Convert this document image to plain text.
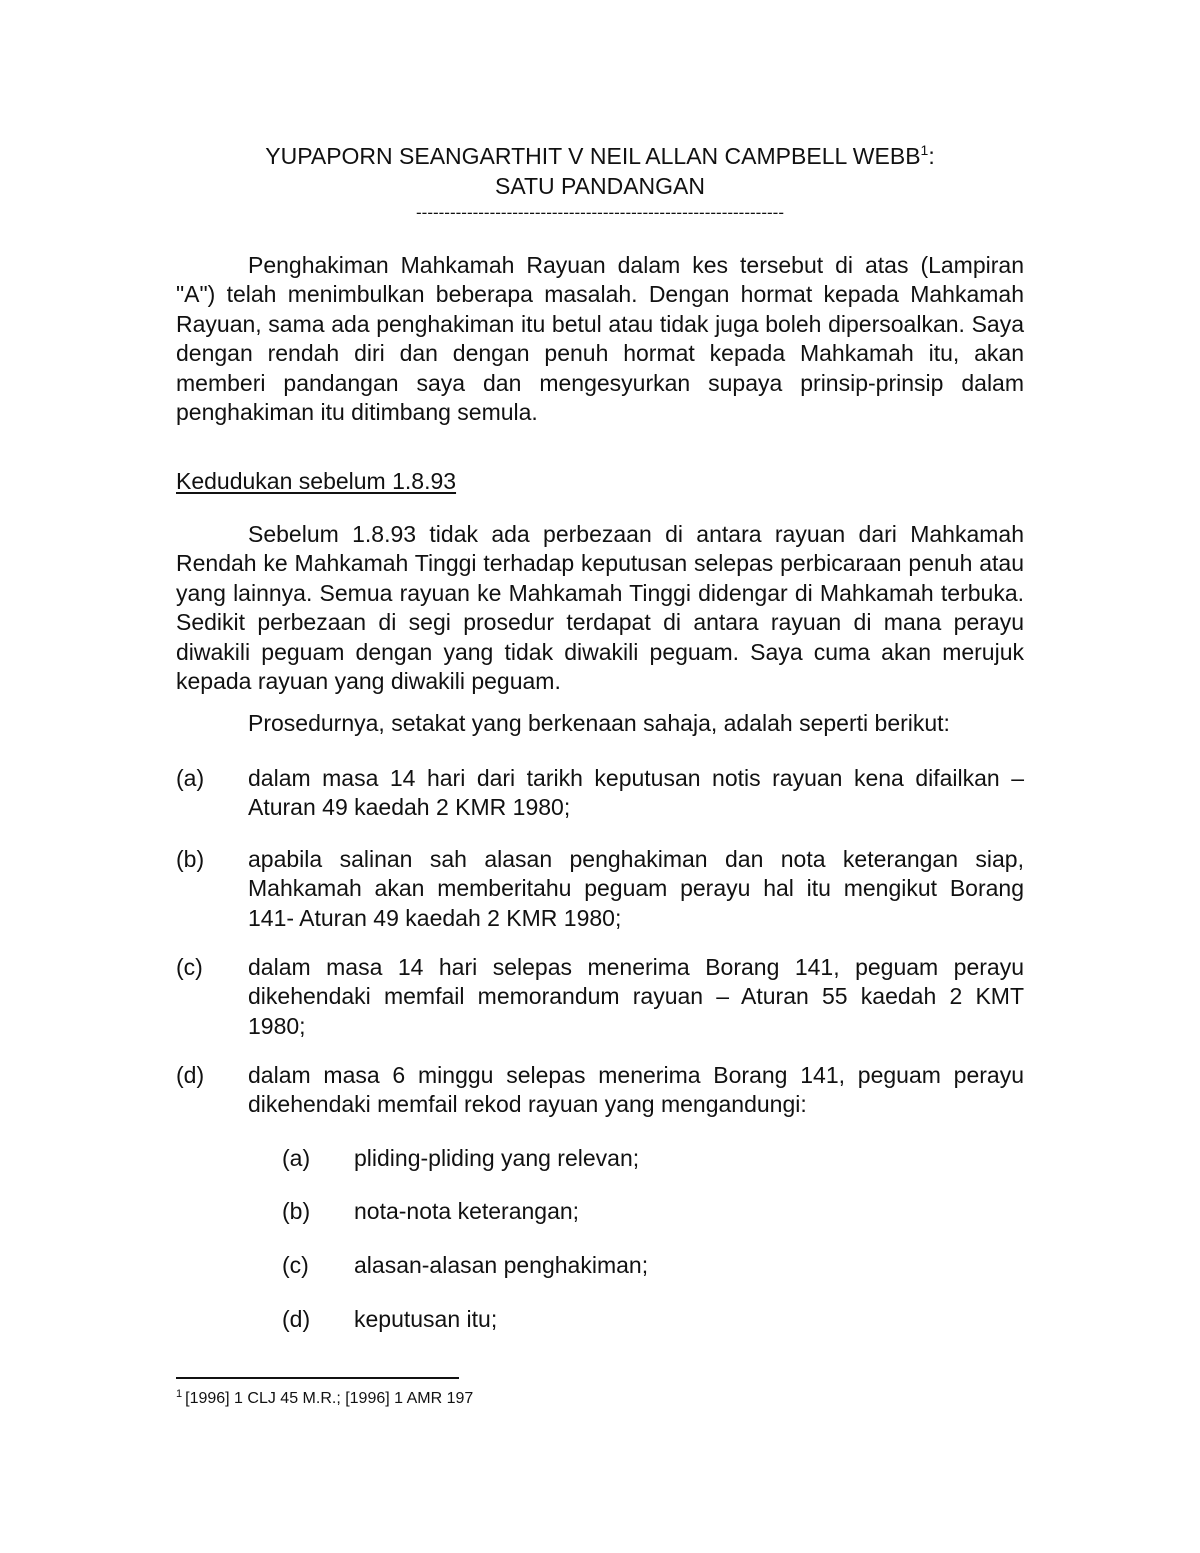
YUPAPORN SEANGARTHIT V NEIL ALLAN CAMPBELL WEBB$^1$:
SATU PANDANGAN
-----------------------------------------------------------------
Penghakiman Mahkamah Rayuan dalam kes tersebut di atas (Lampiran "A") telah menimbulkan beberapa masalah. Dengan hormat kepada Mahkamah Rayuan, sama ada penghakiman itu betul atau tidak juga boleh dipersoalkan. Saya dengan rendah diri dan dengan penuh hormat kepada Mahkamah itu, akan memberi pandangan saya dan mengesyurkan supaya prinsip-prinsip dalam penghakiman itu ditimbang semula.
Kedudukan sebelum 1.8.93
Sebelum 1.8.93 tidak ada perbezaan di antara rayuan dari Mahkamah Rendah ke Mahkamah Tinggi terhadap keputusan selepas perbicaraan penuh atau yang lainnya. Semua rayuan ke Mahkamah Tinggi didengar di Mahkamah terbuka. Sedikit perbezaan di segi prosedur terdapat di antara rayuan di mana perayu diwakili peguam dengan yang tidak diwakili peguam. Saya cuma akan merujuk kepada rayuan yang diwakili peguam.
Prosedurnya, setakat yang berkenaan sahaja, adalah seperti berikut:
(a) dalam masa 14 hari dari tarikh keputusan notis rayuan kena difailkan – Aturan 49 kaedah 2 KMR 1980;
(b) apabila salinan sah alasan penghakiman dan nota keterangan siap, Mahkamah akan memberitahu peguam perayu hal itu mengikut Borang 141- Aturan 49 kaedah 2 KMR 1980;
(c) dalam masa 14 hari selepas menerima Borang 141, peguam perayu dikehendaki memfail memorandum rayuan – Aturan 55 kaedah 2 KMT 1980;
(d) dalam masa 6 minggu selepas menerima Borang 141, peguam perayu dikehendaki memfail rekod rayuan yang mengandungi:
(a) pliding-pliding yang relevan;
(b) nota-nota keterangan;
(c) alasan-alasan penghakiman;
(d) keputusan itu;
$^1$ [1996] 1 CLJ 45 M.R.; [1996] 1 AMR 197
